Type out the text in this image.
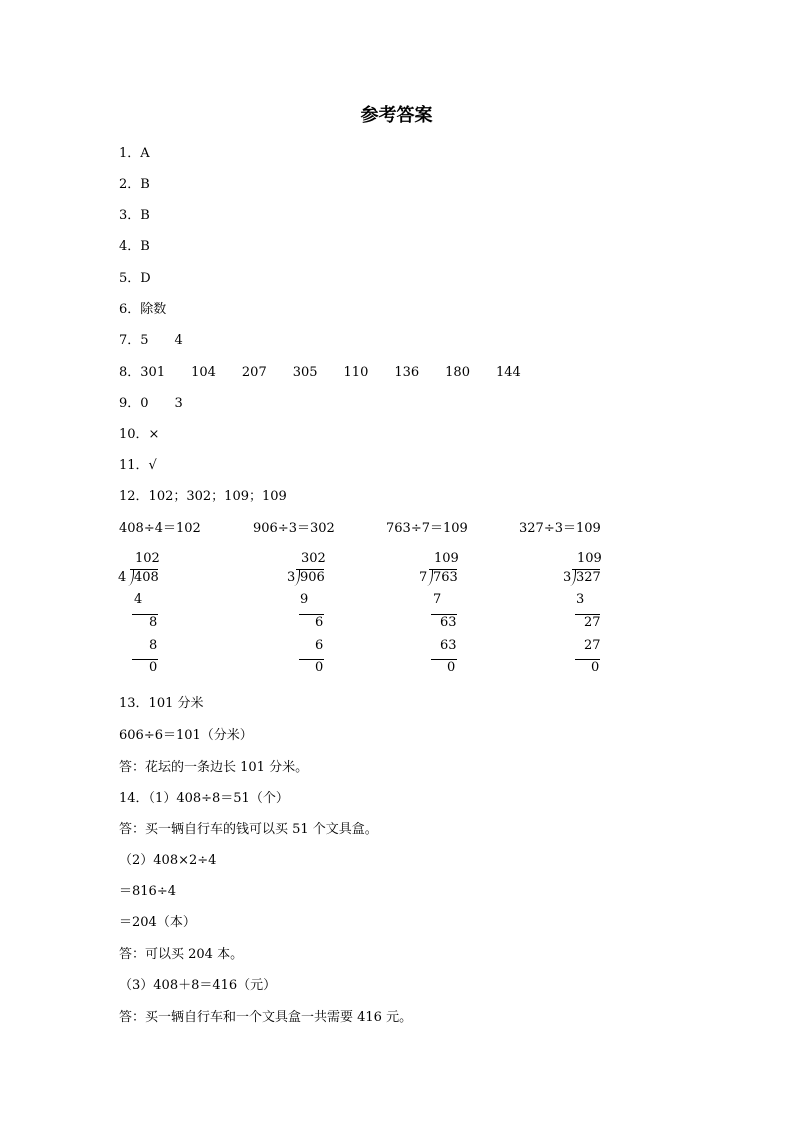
参考答案
1．A
2．B
3．B
4．B
5．D
6．除数
7．5　　4
8．301　　104　　207　　305　　110　　136　　180　　144
9．0　　3
10．×
11．√
12．102；302；109；109

408÷4＝102

	906÷3＝302

	763÷7＝109

	327÷3＝109

102
4 408
4
8
8
0
302
3 906
9
6
6
0
109
7 763
7
63
63
0
109
3 327
3
27
27
0
13．101 分米
606÷6＝101（分米）
答：花坛的一条边长 101 分米。
14．（1）408÷8＝51（个）
答：买一辆自行车的钱可以买 51 个文具盒。
（2）408×2÷4
＝816÷4
＝204（本）
答：可以买 204 本。
（3）408＋8＝416（元）
答：买一辆自行车和一个文具盒一共需要 416 元。
